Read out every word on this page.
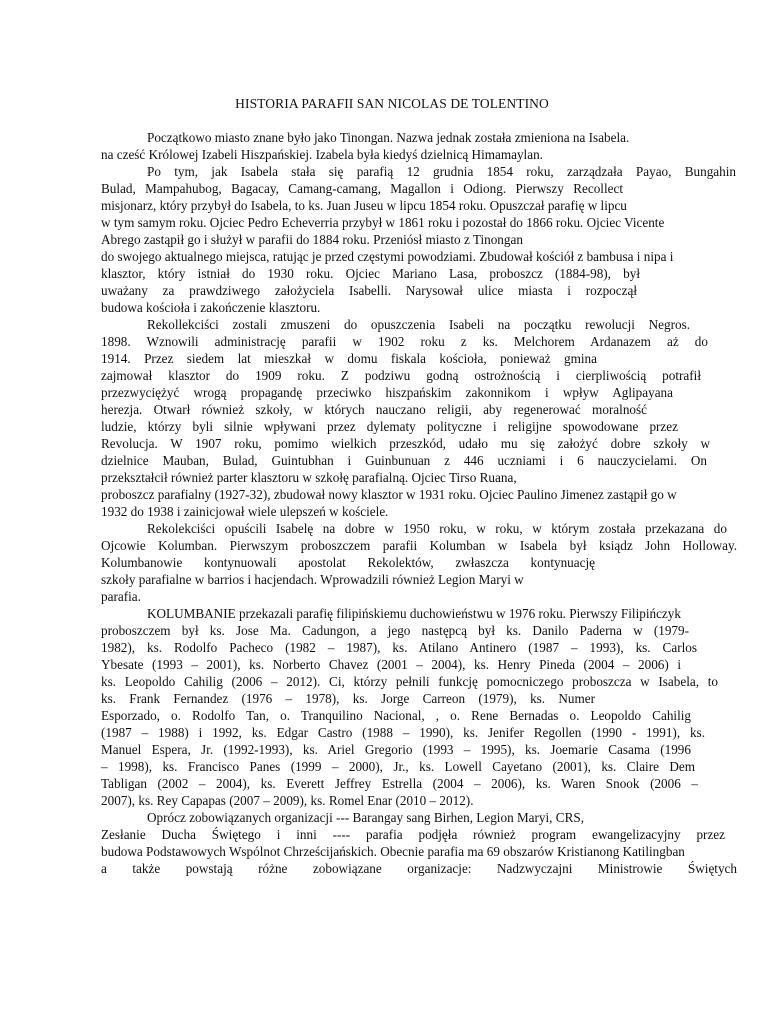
HISTORIA PARAFII SAN NICOLAS DE TOLENTINO
Początkowo miasto znane było jako Tinongan. Nazwa jednak została zmieniona na Isabela.
na cześć Królowej Izabeli Hiszpańskiej. Izabela była kiedyś dzielnicą Himamaylan.
Po tym, jak Isabela stała się parafią 12 grudnia 1854 roku, zarządzała Payao, Bungahin
Bulad, Mampahubog, Bagacay, Camang-camang, Magallon i Odiong. Pierwszy Recollect
misjonarz, który przybył do Isabela, to ks. Juan Juseu w lipcu 1854 roku. Opuszczał parafię w lipcu
w tym samym roku. Ojciec Pedro Echeverria przybył w 1861 roku i pozostał do 1866 roku. Ojciec Vicente
Abrego zastąpił go i służył w parafii do 1884 roku. Przeniósł miasto z Tinongan
do swojego aktualnego miejsca, ratując je przed częstymi powodziami. Zbudował kościół z bambusa i nipa i
klasztor, który istniał do 1930 roku. Ojciec Mariano Lasa, proboszcz (1884-98), był
uważany za prawdziwego założyciela Isabelli. Narysował ulice miasta i rozpoczął
budowa kościoła i zakończenie klasztoru.
Rekollekciści zostali zmuszeni do opuszczenia Isabeli na początku rewolucji Negros.
1898. Wznowili administrację parafii w 1902 roku z ks. Melchorem Ardanazem aż do
1914. Przez siedem lat mieszkał w domu fiskala kościoła, ponieważ gmina
zajmował klasztor do 1909 roku. Z podziwu godną ostrożnością i cierpliwością potrafił
przezwyciężyć wrogą propagandę przeciwko hiszpańskim zakonnikom i wpływ Aglipayana
herezja. Otwarł również szkoły, w których nauczano religii, aby regenerować moralność
ludzie, którzy byli silnie wpływani przez dylematy polityczne i religijne spowodowane przez
Revolucja. W 1907 roku, pomimo wielkich przeszkód, udało mu się założyć dobre szkoły w
dzielnice Mauban, Bulad, Guintubhan i Guinbunuan z 446 uczniami i 6 nauczycielami. On
przekształcił również parter klasztoru w szkołę parafialną. Ojciec Tirso Ruana,
proboszcz parafialny (1927-32), zbudował nowy klasztor w 1931 roku. Ojciec Paulino Jimenez zastąpił go w
1932 do 1938 i zainicjował wiele ulepszeń w kościele.
Rekolekciści opuścili Isabelę na dobre w 1950 roku, w roku, w którym została przekazana do
Ojcowie Kolumban. Pierwszym proboszczem parafii Kolumban w Isabela był ksiądz John Holloway.
Kolumbanowie kontynuowali apostolat Rekolektów, zwłaszcza kontynuację
szkoły parafialne w barrios i hacjendach. Wprowadzili również Legion Maryi w
parafia.
KOLUMBANIE przekazali parafię filipińskiemu duchowieństwu w 1976 roku. Pierwszy Filipińczyk
proboszczem był ks. Jose Ma. Cadungon, a jego następcą był ks. Danilo Paderna w (1979-
1982), ks. Rodolfo Pacheco (1982 – 1987), ks. Atilano Antinero (1987 – 1993), ks. Carlos
Ybesate (1993 – 2001), ks. Norberto Chavez (2001 – 2004), ks. Henry Pineda (2004 – 2006) i
ks. Leopoldo Cahilig (2006 – 2012). Ci, którzy pełnili funkcję pomocniczego proboszcza w Isabela, to
ks. Frank Fernandez (1976 – 1978), ks. Jorge Carreon (1979), ks. Numer
Esporzado, o. Rodolfo Tan, o. Tranquilino Nacional, , o. Rene Bernadas o. Leopoldo Cahilig
(1987 – 1988) i 1992, ks. Edgar Castro (1988 – 1990), ks. Jenifer Regollen (1990 - 1991), ks.
Manuel Espera, Jr. (1992-1993), ks. Ariel Gregorio (1993 – 1995), ks. Joemarie Casama (1996
– 1998), ks. Francisco Panes (1999 – 2000), Jr., ks. Lowell Cayetano (2001), ks. Claire Dem
Tabligan (2002 – 2004), ks. Everett Jeffrey Estrella (2004 – 2006), ks. Waren Snook (2006 –
2007), ks. Rey Capapas (2007 – 2009), ks. Romel Enar (2010 – 2012).
Oprócz zobowiązanych organizacji --- Barangay sang Birhen, Legion Maryi, CRS,
Zesłanie Ducha Świętego i inni ---- parafia podjęła również program ewangelizacyjny przez
budowa Podstawowych Wspólnot Chrześcijańskich. Obecnie parafia ma 69 obszarów Kristianong Katilingban
a także powstają różne zobowiązane organizacje: Nadzwyczajni Ministrowie Świętych
